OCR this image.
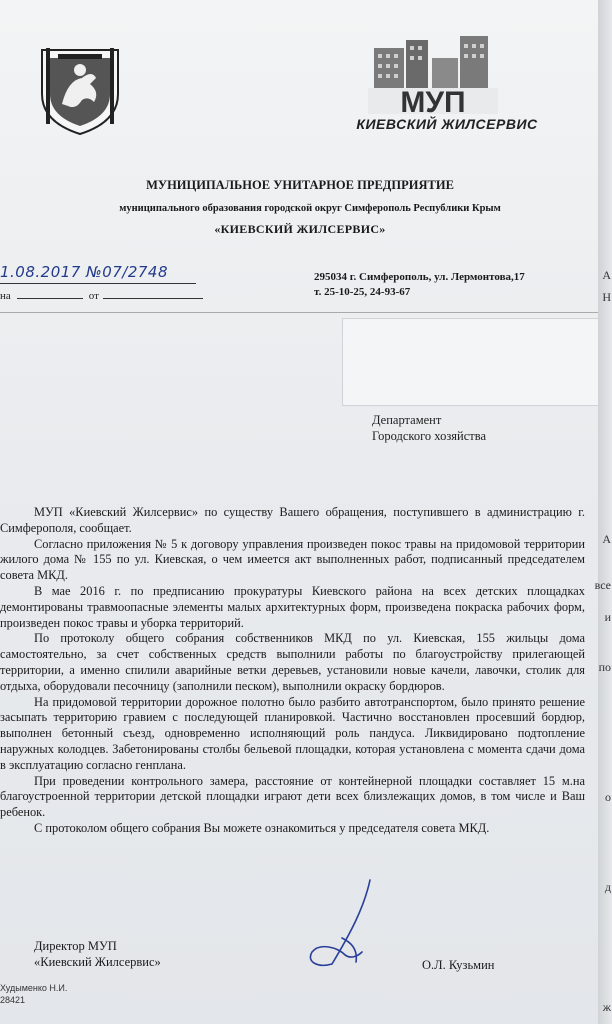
МУП
КИЕВСКИЙ ЖИЛСЕРВИС
МУНИЦИПАЛЬНОЕ УНИТАРНОЕ ПРЕДПРИЯТИЕ
муниципального образования городской округ Симферополь Республики Крым
«КИЕВСКИЙ ЖИЛСЕРВИС»
1.08.2017 №07/2748
на	от
295034 г. Симферополь, ул. Лермонтова,17
т. 25-10-25, 24-93-67
Департамент
Городского хозяйства

МУП «Киевский Жилсервис» по существу Вашего обращения, поступившего в администрацию г. Симферополя, сообщает.

Согласно приложения № 5 к договору управления произведен покос травы на придомовой территории жилого дома № 155 по ул. Киевская, о чем имеется акт выполненных работ, подписанный председателем совета МКД.

В мае 2016 г. по предписанию прокуратуры Киевского района на всех детских площадках демонтированы травмоопасные элементы малых архитектурных форм, произведена покраска рабочих форм, произведен покос травы и уборка территорий.

По протоколу общего собрания собственников МКД по ул. Киевская, 155 жильцы дома самостоятельно, за счет собственных средств выполнили работы по благоустройству прилегающей территории, а именно спилили аварийные ветки деревьев, установили новые качели, лавочки, столик для отдыха, оборудовали песочницу (заполнили песком), выполнили окраску бордюров.

На придомовой территории дорожное полотно было разбито автотранспортом, было принято решение засыпать территорию гравием с последующей планировкой. Частично восстановлен просевший бордюр, выполнен бетонный съезд, одновременно исполняющий роль пандуса. Ликвидировано подтопление наружных колодцев. Забетонированы столбы бельевой площадки, которая установлена с момента сдачи дома в эксплуатацию согласно генплана.

При проведении контрольного замера, расстояние от контейнерной площадки составляет 15 м.на благоустроенной территории детской площадки играют дети всех близлежащих домов, в том числе и Ваш ребенок.

С протоколом общего собрания Вы можете ознакомиться у председателя совета МКД.

Директор МУП
«Киевский Жилсервис»	О.Л. Кузьмин
Худыменко Н.И.
28421
А
Н
А
все
и
по
о
д
ж
